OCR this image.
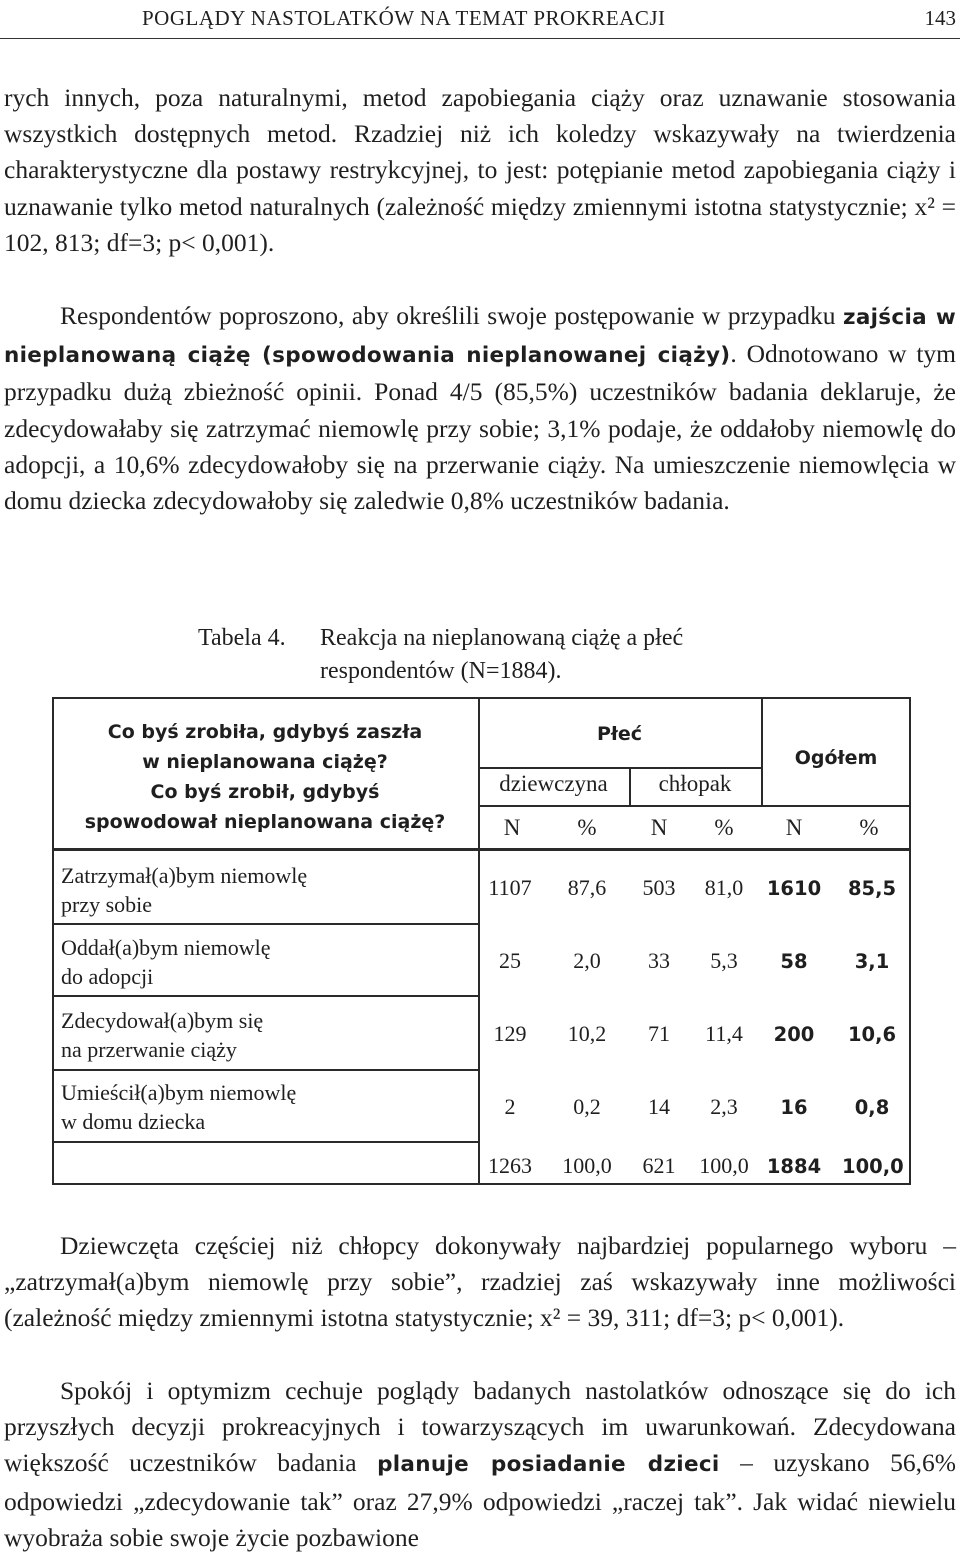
POGLĄDY NASTOLATKÓW NA TEMAT PROKREACJI	143
rych innych, poza naturalnymi, metod zapobiegania ciąży oraz uznawanie stosowania wszystkich dostępnych metod. Rzadziej niż ich koledzy wskazywały na twierdzenia charakterystyczne dla postawy restrykcyjnej, to jest: potępianie metod zapobiegania ciąży i uznawanie tylko metod naturalnych (zależność między zmiennymi istotna statystycznie; x² = 102, 813; df=3; p< 0,001).
Respondentów poproszono, aby określili swoje postępowanie w przypadku zajścia w nieplanowaną ciążę (spowodowania nieplanowanej ciąży). Odnotowano w tym przypadku dużą zbieżność opinii. Ponad 4/5 (85,5%) uczestników badania deklaruje, że zdecydowałaby się zatrzymać niemowlę przy sobie; 3,1% podaje, że oddałoby niemowlę do adopcji, a 10,6% zdecydowałoby się na przerwanie ciąży. Na umieszczenie niemowlęcia w domu dziecka zdecydowałoby się zaledwie 0,8% uczestników badania.
Tabela 4. Reakcja na nieplanowaną ciążę a płeć respondentów (N=1884).
Co byś zrobiła, gdybyś zaszła
w nieplanowana ciążę?
Co byś zrobił, gdybyś
spowodował nieplanowana ciążę?
Płeć
Ogółem
dziewczyna	chłopak
N	%	N	%	N	%
Zatrzymał(a)bym niemowlę
przy sobie
1107	87,6	503	81,0	1610	85,5
Oddał(a)bym niemowlę
do adopcji
25	2,0	33	5,3	58	3,1
Zdecydował(a)bym się
na przerwanie ciąży
129	10,2	71	11,4	200	10,6
Umieścił(a)bym niemowlę
w domu dziecka
2	0,2	14	2,3	16	0,8
1263	100,0	621	100,0 1884 100,0
Dziewczęta częściej niż chłopcy dokonywały najbardziej popularnego wyboru – „zatrzymał(a)bym niemowlę przy sobie”, rzadziej zaś wskazywały inne możliwości (zależność między zmiennymi istotna statystycznie; x² = 39, 311; df=3; p< 0,001).
Spokój i optymizm cechuje poglądy badanych nastolatków odnoszące się do ich przyszłych decyzji prokreacyjnych i towarzyszących im uwarunkowań. Zdecydowana większość uczestników badania planuje posiadanie dzieci – uzyskano 56,6% odpowiedzi „zdecydowanie tak” oraz 27,9% odpowiedzi „raczej tak”. Jak widać niewielu wyobraża sobie swoje życie pozbawione
